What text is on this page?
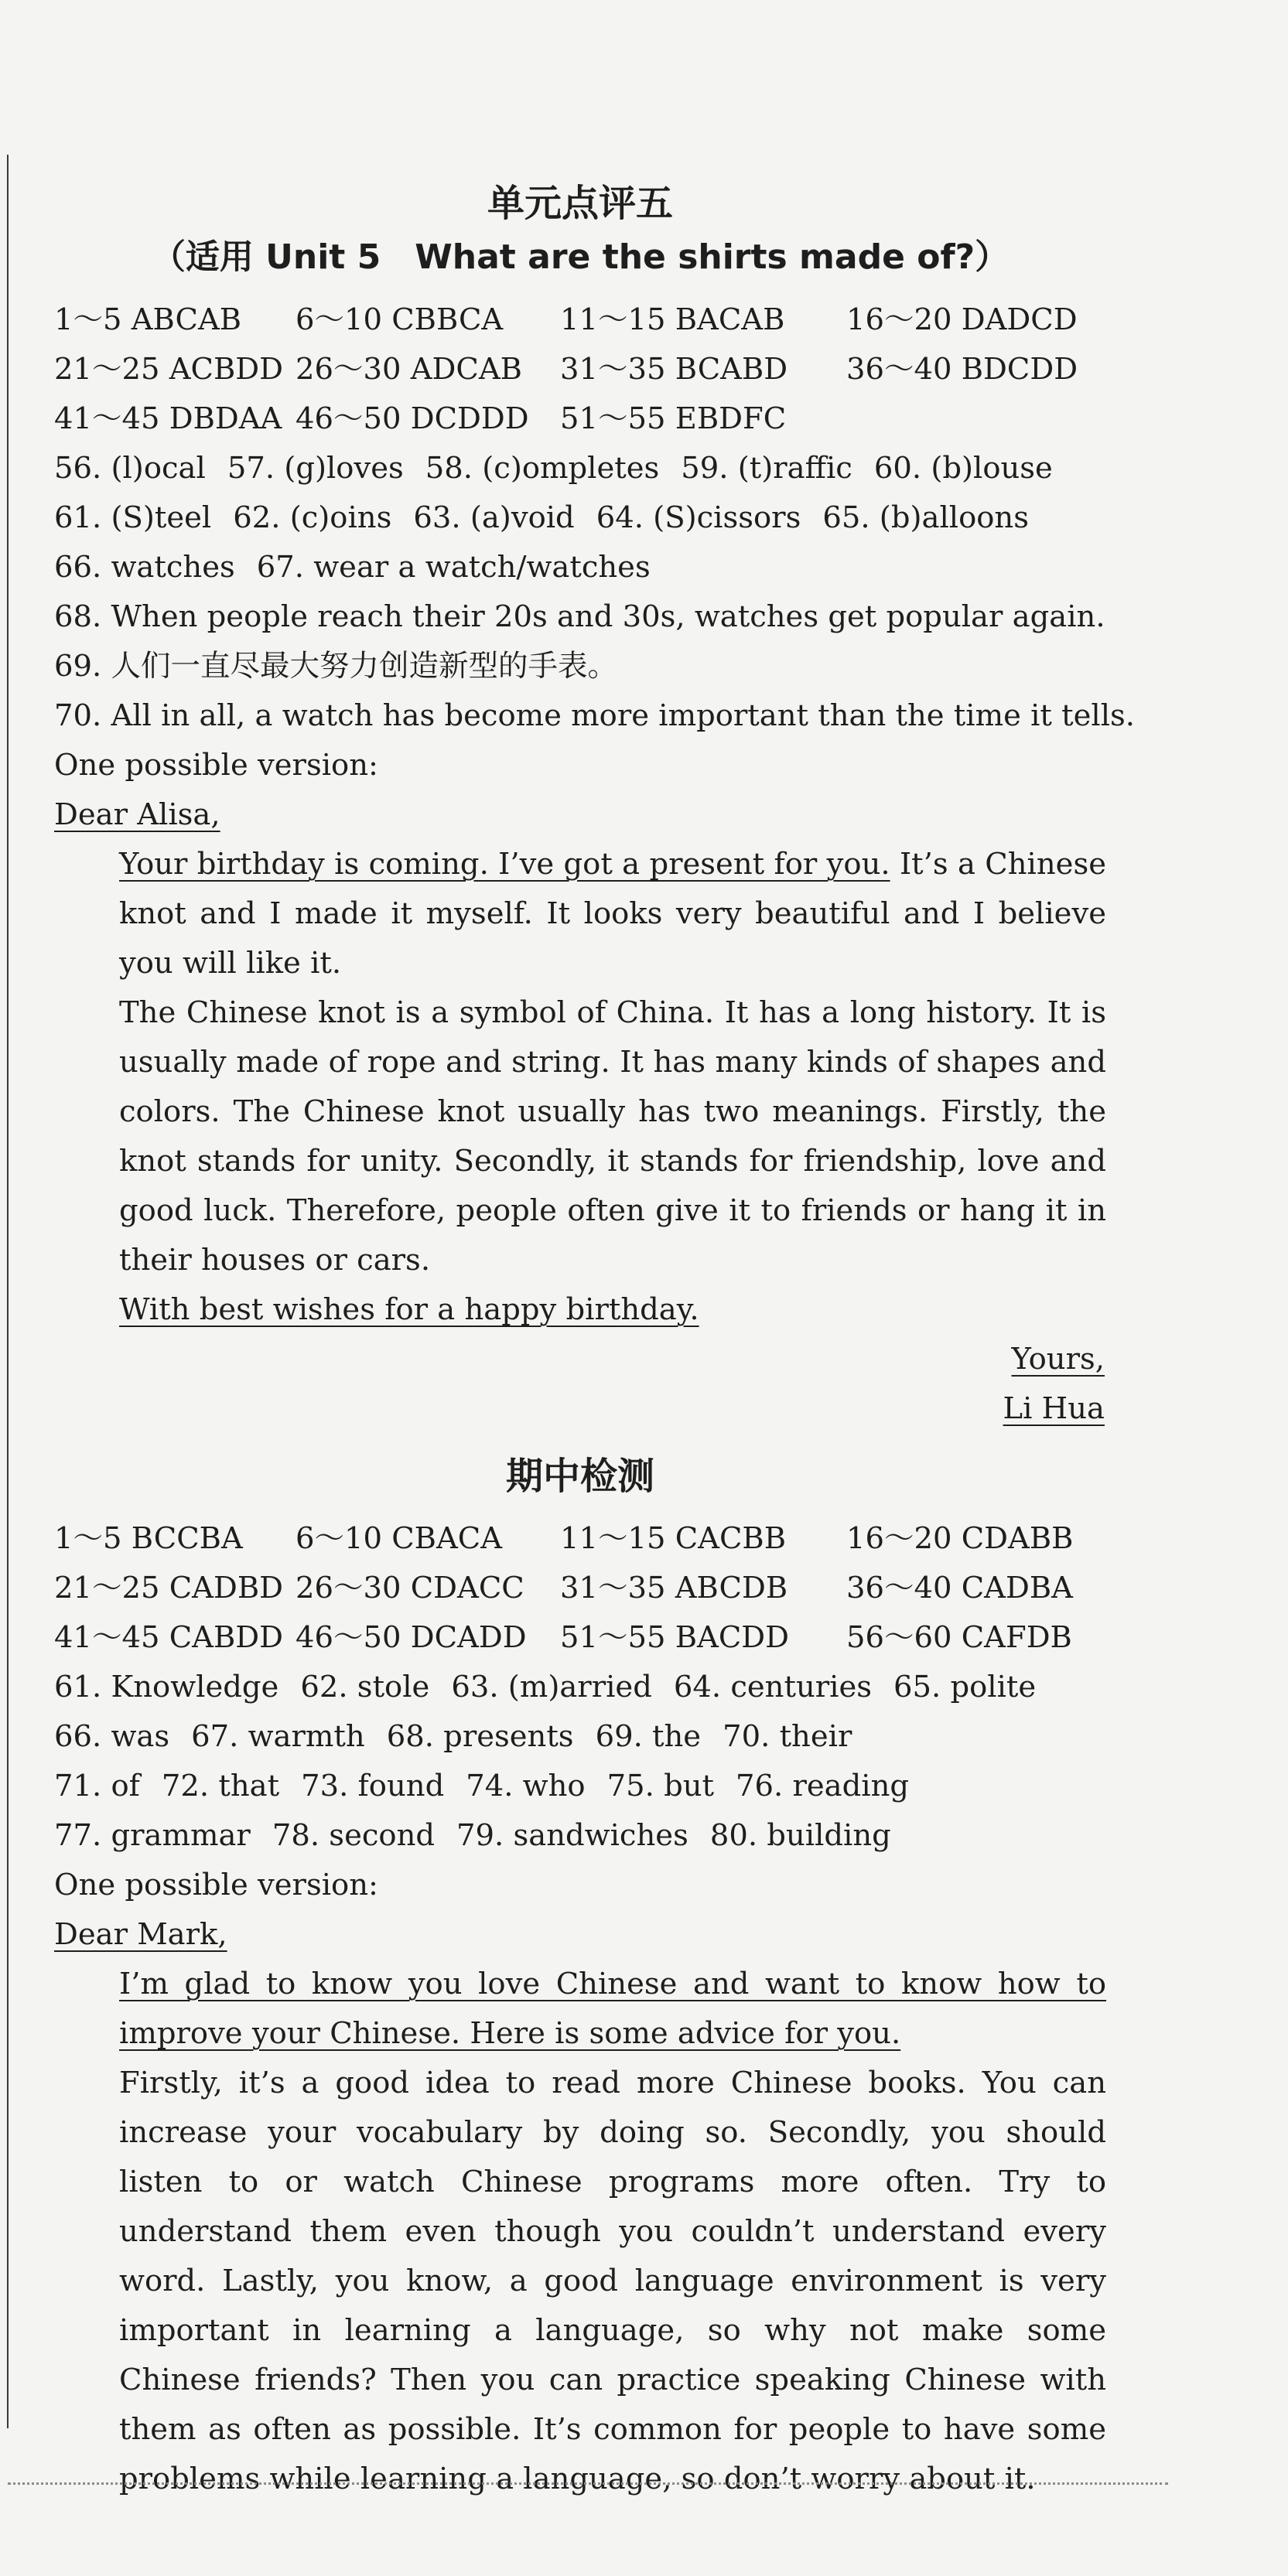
单元点评五
（适用 Unit 5　What are the shirts made of?）
1～5 ABCAB	6～10 CBBCA	11～15 BACAB	16～20 DADCD
21～25 ACBDD 26～30 ADCAB	31～35 BCABD	36～40 BDCDD
41～45 DBDAA 46～50 DCDDD	51～55 EBDFC
56. (l)ocal 57. (g)loves 58. (c)ompletes 59. (t)raffic 60. (b)louse
61. (S)teel 62. (c)oins 63. (a)void 64. (S)cissors 65. (b)alloons
66. watches 67. wear a watch/watches
68. When people reach their 20s and 30s, watches get popular again.
69. 人们一直尽最大努力创造新型的手表。
70. All in all, a watch has become more important than the time it tells.
One possible version:
Dear Alisa,
Your birthday is coming. I’ve got a present for you. It’s a Chinese knot and I made it myself. It looks very beautiful and I believe you will like it.
The Chinese knot is a symbol of China. It has a long history. It is usually made of rope and string. It has many kinds of shapes and colors. The Chinese knot usually has two meanings. Firstly, the knot stands for unity. Secondly, it stands for friendship, love and good luck. Therefore, people often give it to friends or hang it in their houses or cars.
With best wishes for a happy birthday.
Yours,
Li Hua
期中检测
1～5 BCCBA	6～10 CBACA	11～15 CACBB	16～20 CDABB
21～25 CADBD 26～30 CDACC	31～35 ABCDB	36～40 CADBA
41～45 CABDD 46～50 DCADD	51～55 BACDD	56～60 CAFDB
61. Knowledge 62. stole 63. (m)arried 64. centuries 65. polite
66. was 67. warmth 68. presents 69. the 70. their
71. of 72. that 73. found 74. who 75. but 76. reading
77. grammar 78. second 79. sandwiches 80. building
One possible version:
Dear Mark,
I’m glad to know you love Chinese and want to know how to improve your Chinese. Here is some advice for you.
Firstly, it’s a good idea to read more Chinese books. You can increase your vocabulary by doing so. Secondly, you should listen to or watch Chinese programs more often. Try to understand them even though you couldn’t understand every word. Lastly, you know, a good language environment is very important in learning a language, so why not make some Chinese friends? Then you can practice speaking Chinese with them as often as possible. It’s common for people to have some problems while learning a language, so don’t worry about it.
